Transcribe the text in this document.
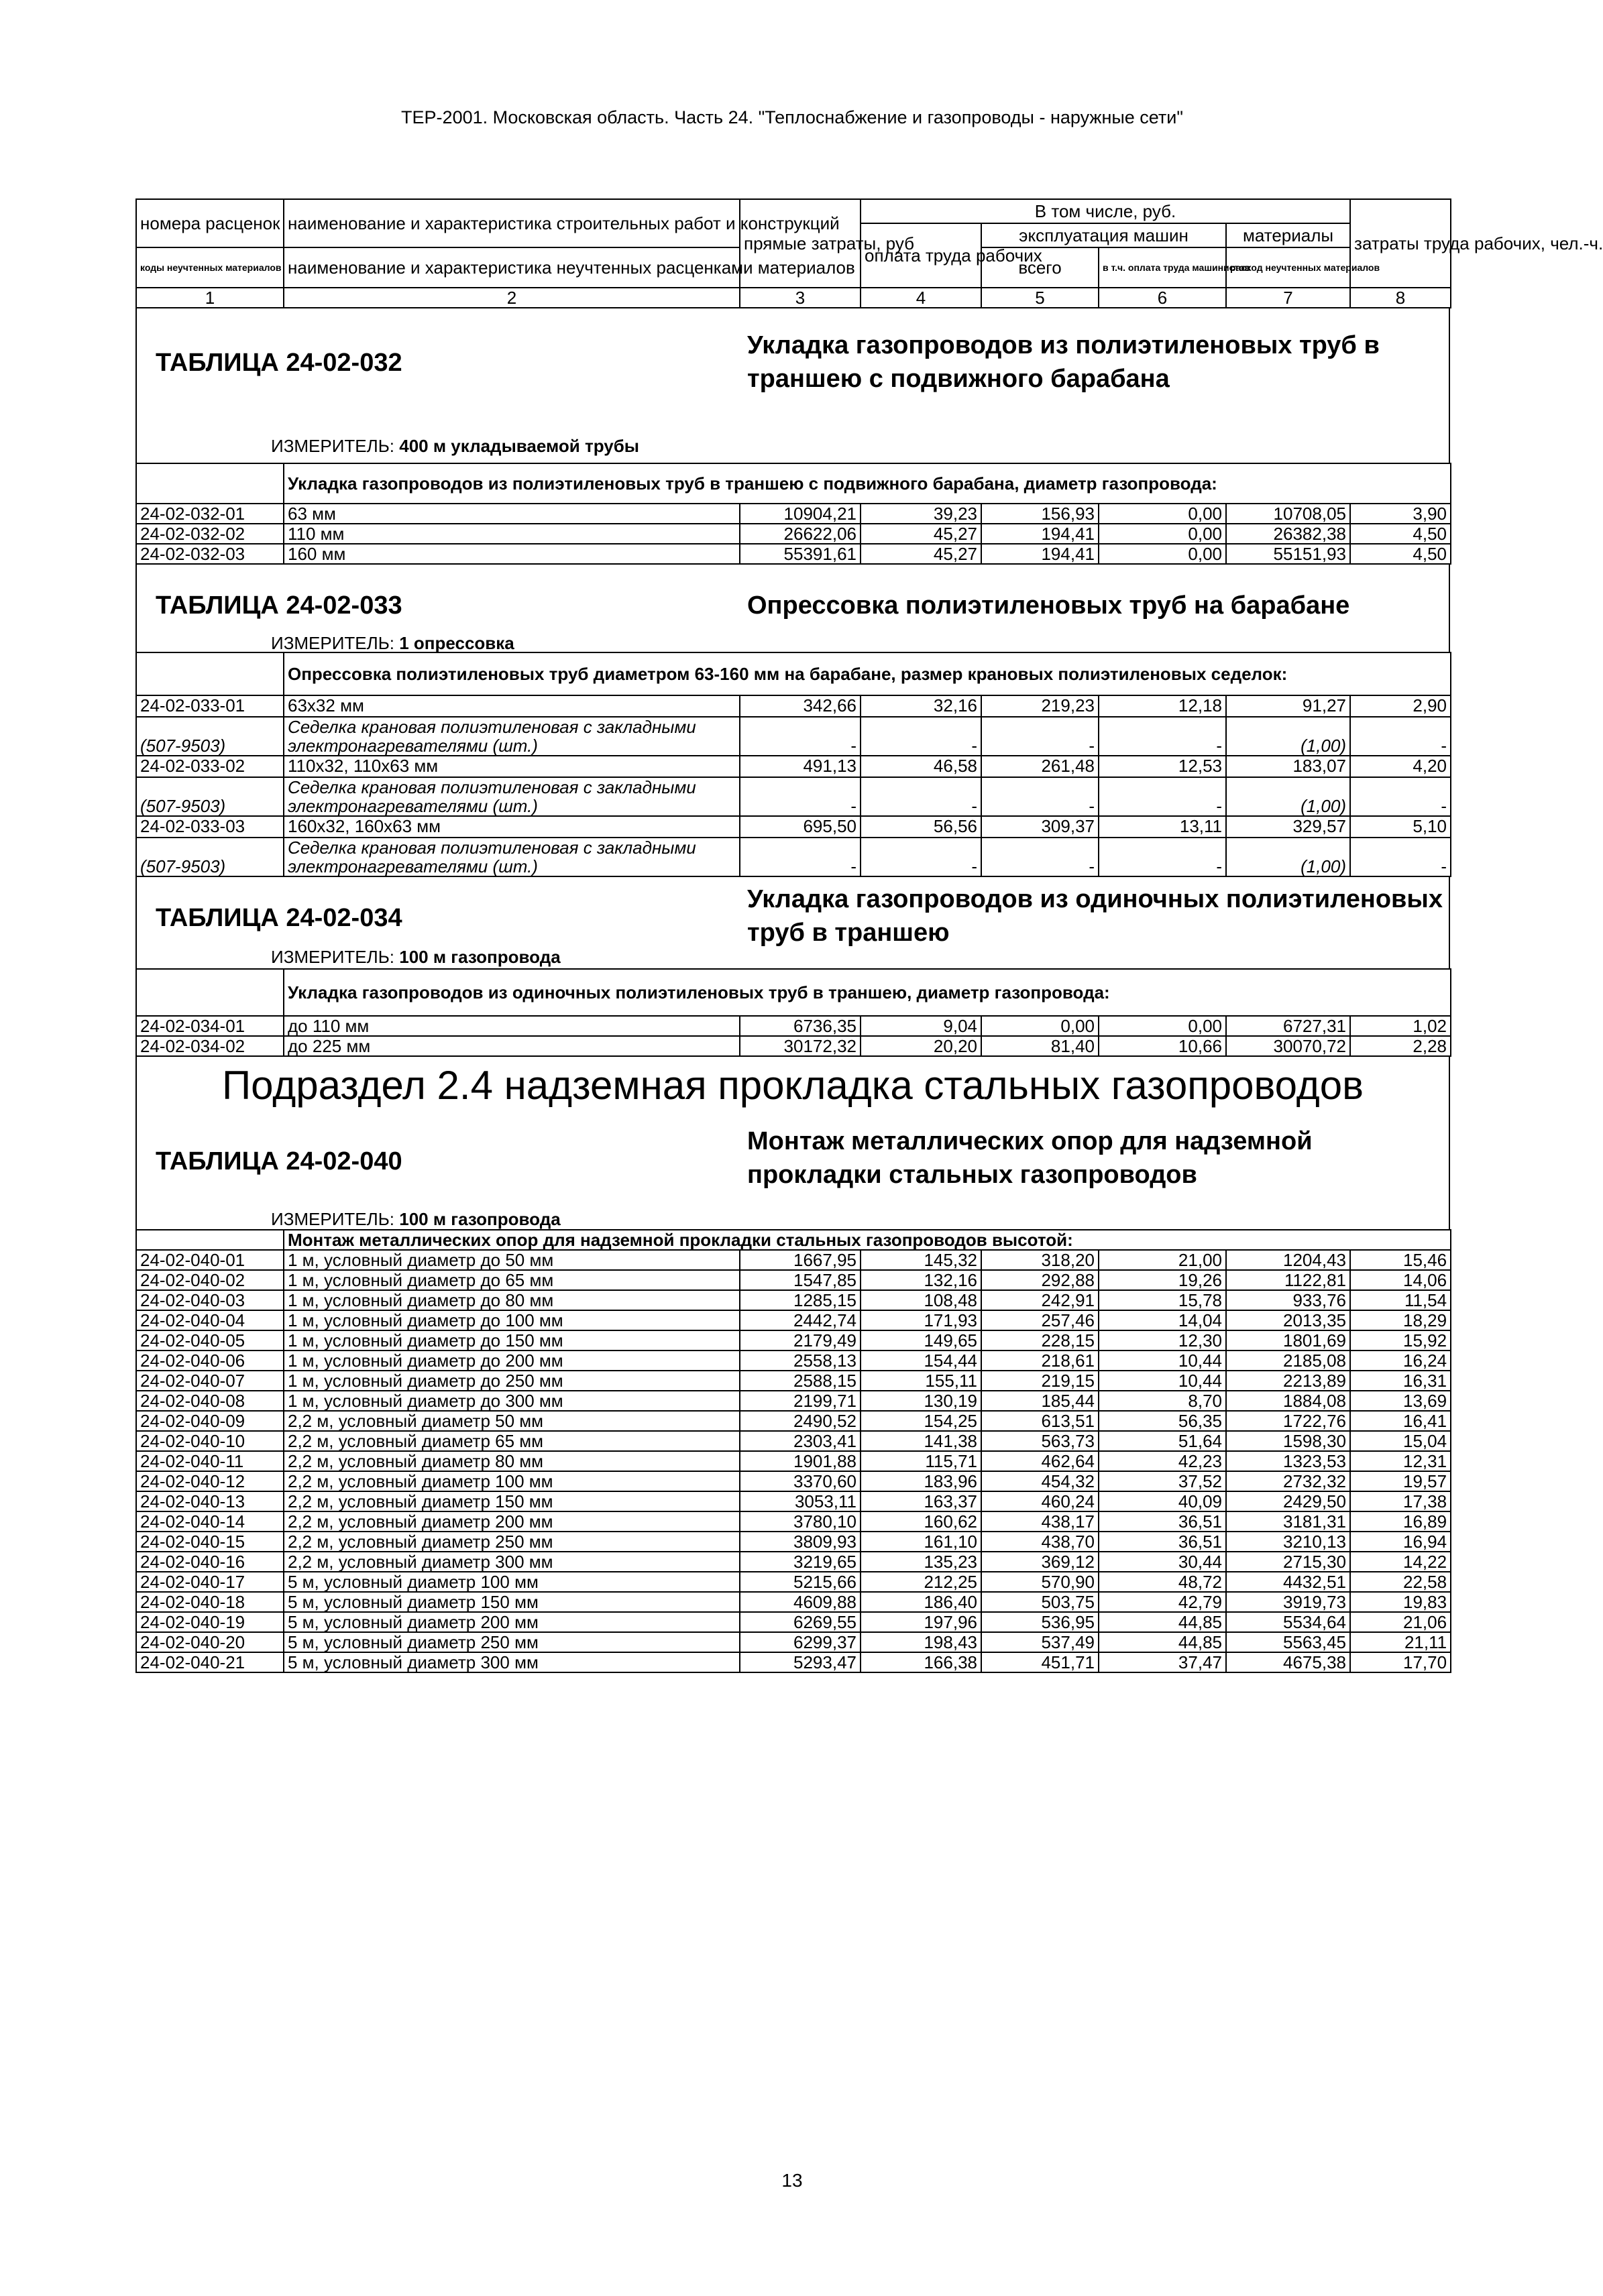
ТЕР-2001. Московская область. Часть 24. "Теплоснабжение и газопроводы - наружные сети"
номера расценок	наименование и характеристика строительных работ и конструкций	прямые затраты, руб	В том числе, руб.				затраты труда рабочих, чел.-ч.
			оплата труда рабочих	эксплуатация машин		материалы	
коды неучтенных материалов	наименование и характеристика неучтенных расценками материалов			всего	в т.ч. оплата труда машинистов	расход неучтенных материалов	
1	2	3	4	5	6	7	8
ТАБЛИЦА 24-02-032
Укладка газопроводов из полиэтиленовых труб в траншею с подвижного барабана
ИЗМЕРИТЕЛЬ: 400 м укладываемой трубы
	Укладка газопроводов из полиэтиленовых труб в траншею с подвижного барабана, диаметр газопровода:						
24-02-032-01	63 мм	10904,21	39,23	156,93	0,00	10708,05	3,90
24-02-032-02	110 мм	26622,06	45,27	194,41	0,00	26382,38	4,50
24-02-032-03	160 мм	55391,61	45,27	194,41	0,00	55151,93	4,50
ТАБЛИЦА 24-02-033	Опрессовка полиэтиленовых труб на барабане
ИЗМЕРИТЕЛЬ: 1 опрессовка
	Опрессовка полиэтиленовых труб диаметром 63-160 мм на барабане, размер крановых полиэтиленовых седелок:						
24-02-033-01	63х32 мм	342,66	32,16	219,23	12,18	91,27	2,90
(507-9503)	Седелка крановая полиэтиленовая с закладными электронагревателями (шт.)	-	-	-	-	(1,00)	-
24-02-033-02	110х32, 110х63 мм	491,13	46,58	261,48	12,53	183,07	4,20
(507-9503)	Седелка крановая полиэтиленовая с закладными электронагревателями (шт.)	-	-	-	-	(1,00)	-
24-02-033-03	160х32, 160х63 мм	695,50	56,56	309,37	13,11	329,57	5,10
(507-9503)	Седелка крановая полиэтиленовая с закладными электронагревателями (шт.)	-	-	-	-	(1,00)	-
ТАБЛИЦА 24-02-034
Укладка газопроводов из одиночных полиэтиленовых труб в траншею
ИЗМЕРИТЕЛЬ: 100 м газопровода
	Укладка газопроводов из одиночных полиэтиленовых труб в траншею, диаметр газопровода:						
24-02-034-01	до 110 мм	6736,35	9,04	0,00	0,00	6727,31	1,02
24-02-034-02	до 225 мм	30172,32	20,20	81,40	10,66	30070,72	2,28
Подраздел 2.4 надземная прокладка стальных газопроводов
ТАБЛИЦА 24-02-040
Монтаж металлических опор для надземной прокладки стальных газопроводов
ИЗМЕРИТЕЛЬ: 100 м газопровода
	Монтаж металлических опор для надземной прокладки стальных газопроводов высотой:						
24-02-040-01	1 м, условный диаметр до 50 мм	1667,95	145,32	318,20	21,00	1204,43	15,46
24-02-040-02	1 м, условный диаметр до 65 мм	1547,85	132,16	292,88	19,26	1122,81	14,06
24-02-040-03	1 м, условный диаметр до 80 мм	1285,15	108,48	242,91	15,78	933,76	11,54
24-02-040-04	1 м, условный диаметр до 100 мм	2442,74	171,93	257,46	14,04	2013,35	18,29
24-02-040-05	1 м, условный диаметр до 150 мм	2179,49	149,65	228,15	12,30	1801,69	15,92
24-02-040-06	1 м, условный диаметр до 200 мм	2558,13	154,44	218,61	10,44	2185,08	16,24
24-02-040-07	1 м, условный диаметр до 250 мм	2588,15	155,11	219,15	10,44	2213,89	16,31
24-02-040-08	1 м, условный диаметр до 300 мм	2199,71	130,19	185,44	8,70	1884,08	13,69
24-02-040-09	2,2 м, условный диаметр 50 мм	2490,52	154,25	613,51	56,35	1722,76	16,41
24-02-040-10	2,2 м, условный диаметр 65 мм	2303,41	141,38	563,73	51,64	1598,30	15,04
24-02-040-11	2,2 м, условный диаметр 80 мм	1901,88	115,71	462,64	42,23	1323,53	12,31
24-02-040-12	2,2 м, условный диаметр 100 мм	3370,60	183,96	454,32	37,52	2732,32	19,57
24-02-040-13	2,2 м, условный диаметр 150 мм	3053,11	163,37	460,24	40,09	2429,50	17,38
24-02-040-14	2,2 м, условный диаметр 200 мм	3780,10	160,62	438,17	36,51	3181,31	16,89
24-02-040-15	2,2 м, условный диаметр 250 мм	3809,93	161,10	438,70	36,51	3210,13	16,94
24-02-040-16	2,2 м, условный диаметр 300 мм	3219,65	135,23	369,12	30,44	2715,30	14,22
24-02-040-17	5 м, условный диаметр 100 мм	5215,66	212,25	570,90	48,72	4432,51	22,58
24-02-040-18	5 м, условный диаметр 150 мм	4609,88	186,40	503,75	42,79	3919,73	19,83
24-02-040-19	5 м, условный диаметр 200 мм	6269,55	197,96	536,95	44,85	5534,64	21,06
24-02-040-20	5 м, условный диаметр 250 мм	6299,37	198,43	537,49	44,85	5563,45	21,11
24-02-040-21	5 м, условный диаметр 300 мм	5293,47	166,38	451,71	37,47	4675,38	17,70
13
